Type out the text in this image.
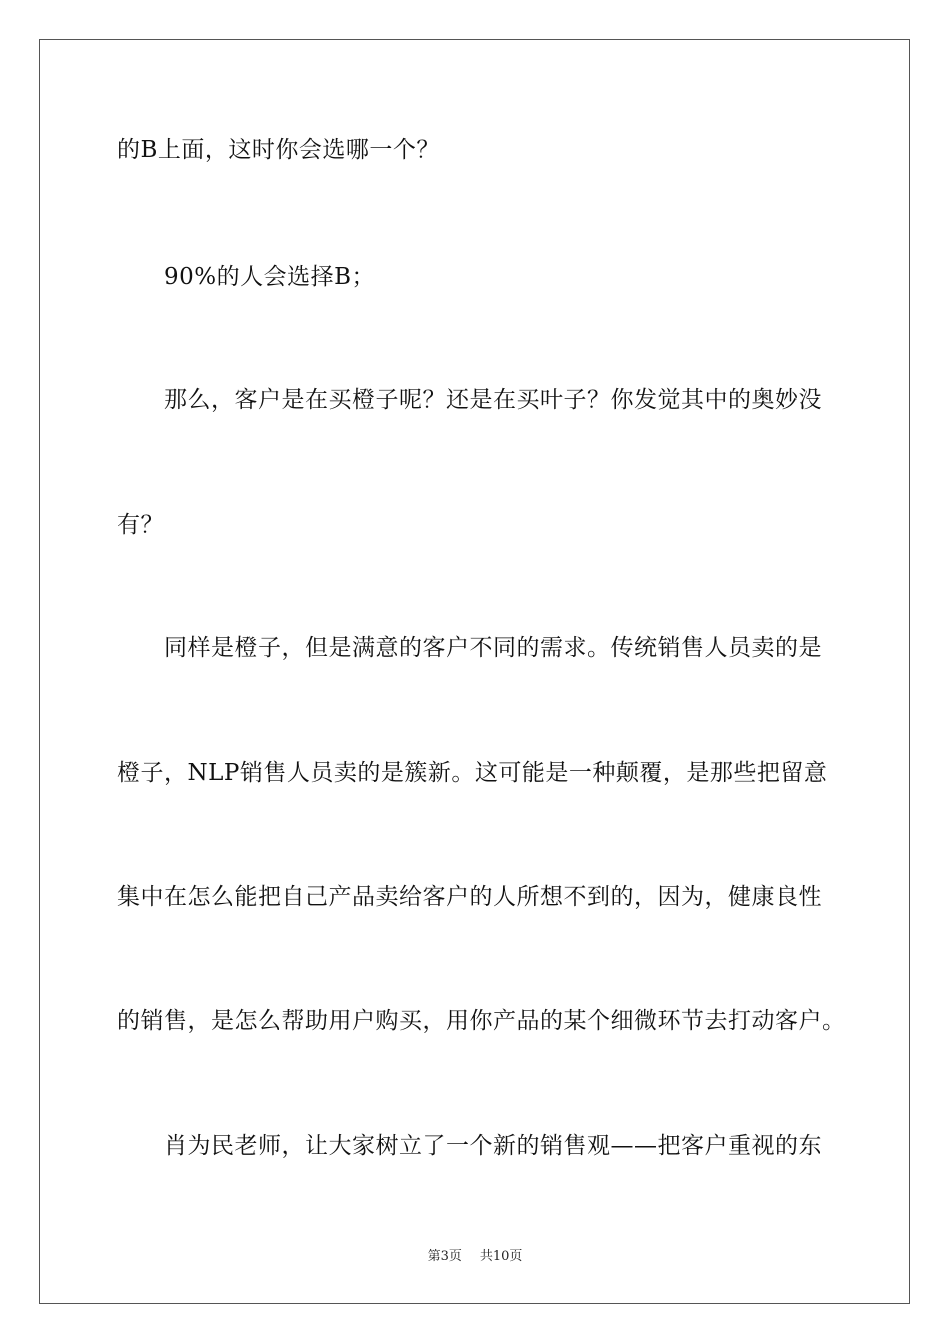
的B上面，这时你会选哪一个？
90%的人会选择B；
那么，客户是在买橙子呢？还是在买叶子？你发觉其中的奥妙没
有？
同样是橙子，但是满意的客户不同的需求。传统销售人员卖的是
橙子，NLP销售人员卖的是簇新。这可能是一种颠覆，是那些把留意
集中在怎么能把自己产品卖给客户的人所想不到的，因为，健康良性
的销售，是怎么帮助用户购买，用你产品的某个细微环节去打动客户。
肖为民老师，让大家树立了一个新的销售观——把客户重视的东
第3页 共10页
